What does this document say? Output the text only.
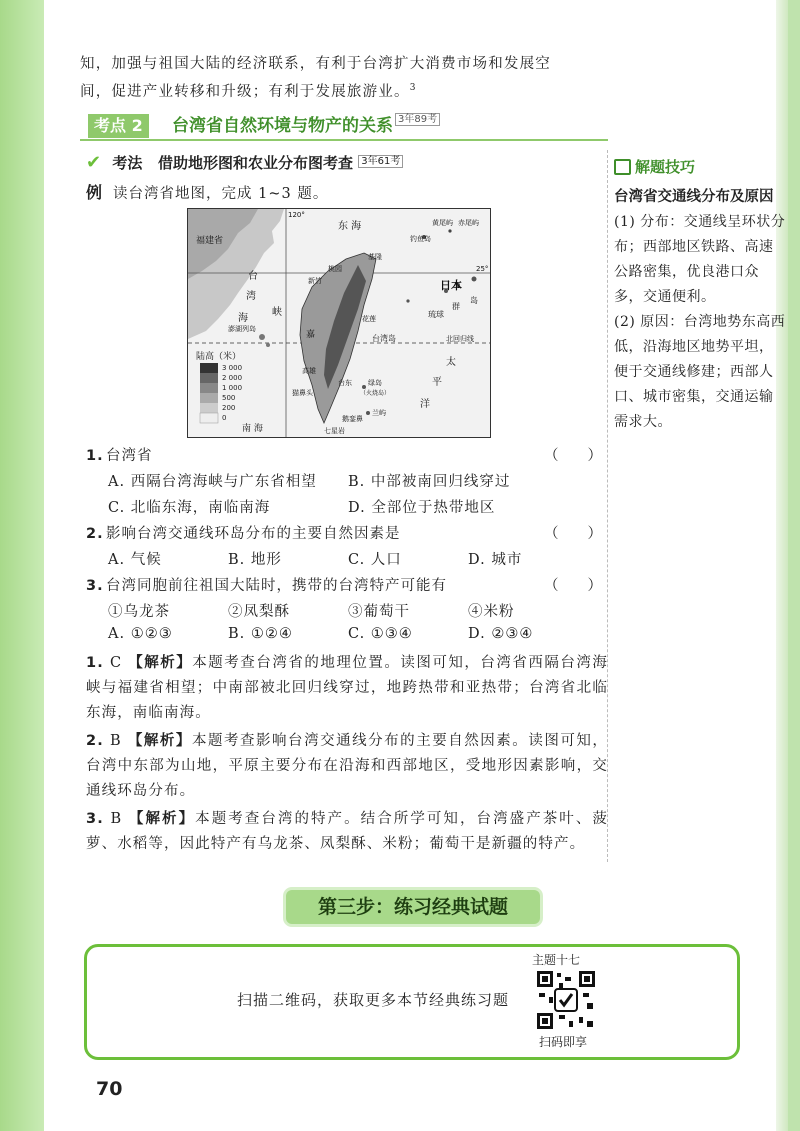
知，加强与祖国大陆的经济联系，有利于台湾扩大消费市场和发展空
间，促进产业转移和升级；有利于发展旅游业。$^3$
考点 2	台湾省自然环境与物产的关系 $^{3年89考}$
✔ 考法 借助地形图和农业分布图考查 $^{3年61考}$
例 读台湾省地图，完成 1~3 题。
3 000
2 000
1 000
500
200
0
陆高（米）
福建省
120°
25°
东 海	黄尾屿 赤尾屿
钓鱼岛
基隆
桃园
新竹
台
湾
海
峡
澎湖列岛
花莲
日本
琉球
群
岛
北回归线
台湾岛
台东 绿岛
（火烧岛）
兰屿
太
平
洋
南 海	七星岩
猫鼻头
鹅銮鼻
高雄
嘉
1. 台湾省	（　　）
A. 西隔台湾海峡与广东省相望 B. 中部被南回归线穿过
C. 北临东海，南临南海	D. 全部位于热带地区
2. 影响台湾交通线环岛分布的主要自然因素是	（　　）
A. 气候	B. 地形	C. 人口	D. 城市
3. 台湾同胞前往祖国大陆时，携带的台湾特产可能有	（　　）
①乌龙茶	②凤梨酥	③葡萄干	④米粉
A. ①②③	B. ①②④	C. ①③④	D. ②③④
1. C 【解析】本题考查台湾省的地理位置。读图可知，台湾省西隔台湾海峡与福建省相望；中南部被北回归线穿过，地跨热带和亚热带；台湾省北临东海，南临南海。
2. B 【解析】本题考查影响台湾交通线分布的主要自然因素。读图可知，台湾中东部为山地，平原主要分布在沿海和西部地区，受地形因素影响，交通线环岛分布。
3. B 【解析】本题考查台湾的特产。结合所学可知，台湾盛产茶叶、菠萝、水稻等，因此特产有乌龙茶、凤梨酥、米粉；葡萄干是新疆的特产。
解题技巧
台湾省交通线分布及原因
(1) 分布：交通线呈环状分布；西部地区铁路、高速公路密集，优良港口众多，交通便利。
(2) 原因：台湾地势东高西低，沿海地区地势平坦，便于交通线修建；西部人口、城市密集，交通运输需求大。
第三步：练习经典试题
扫描二维码，获取更多本节经典练习题
主题十七
扫码即享
70
